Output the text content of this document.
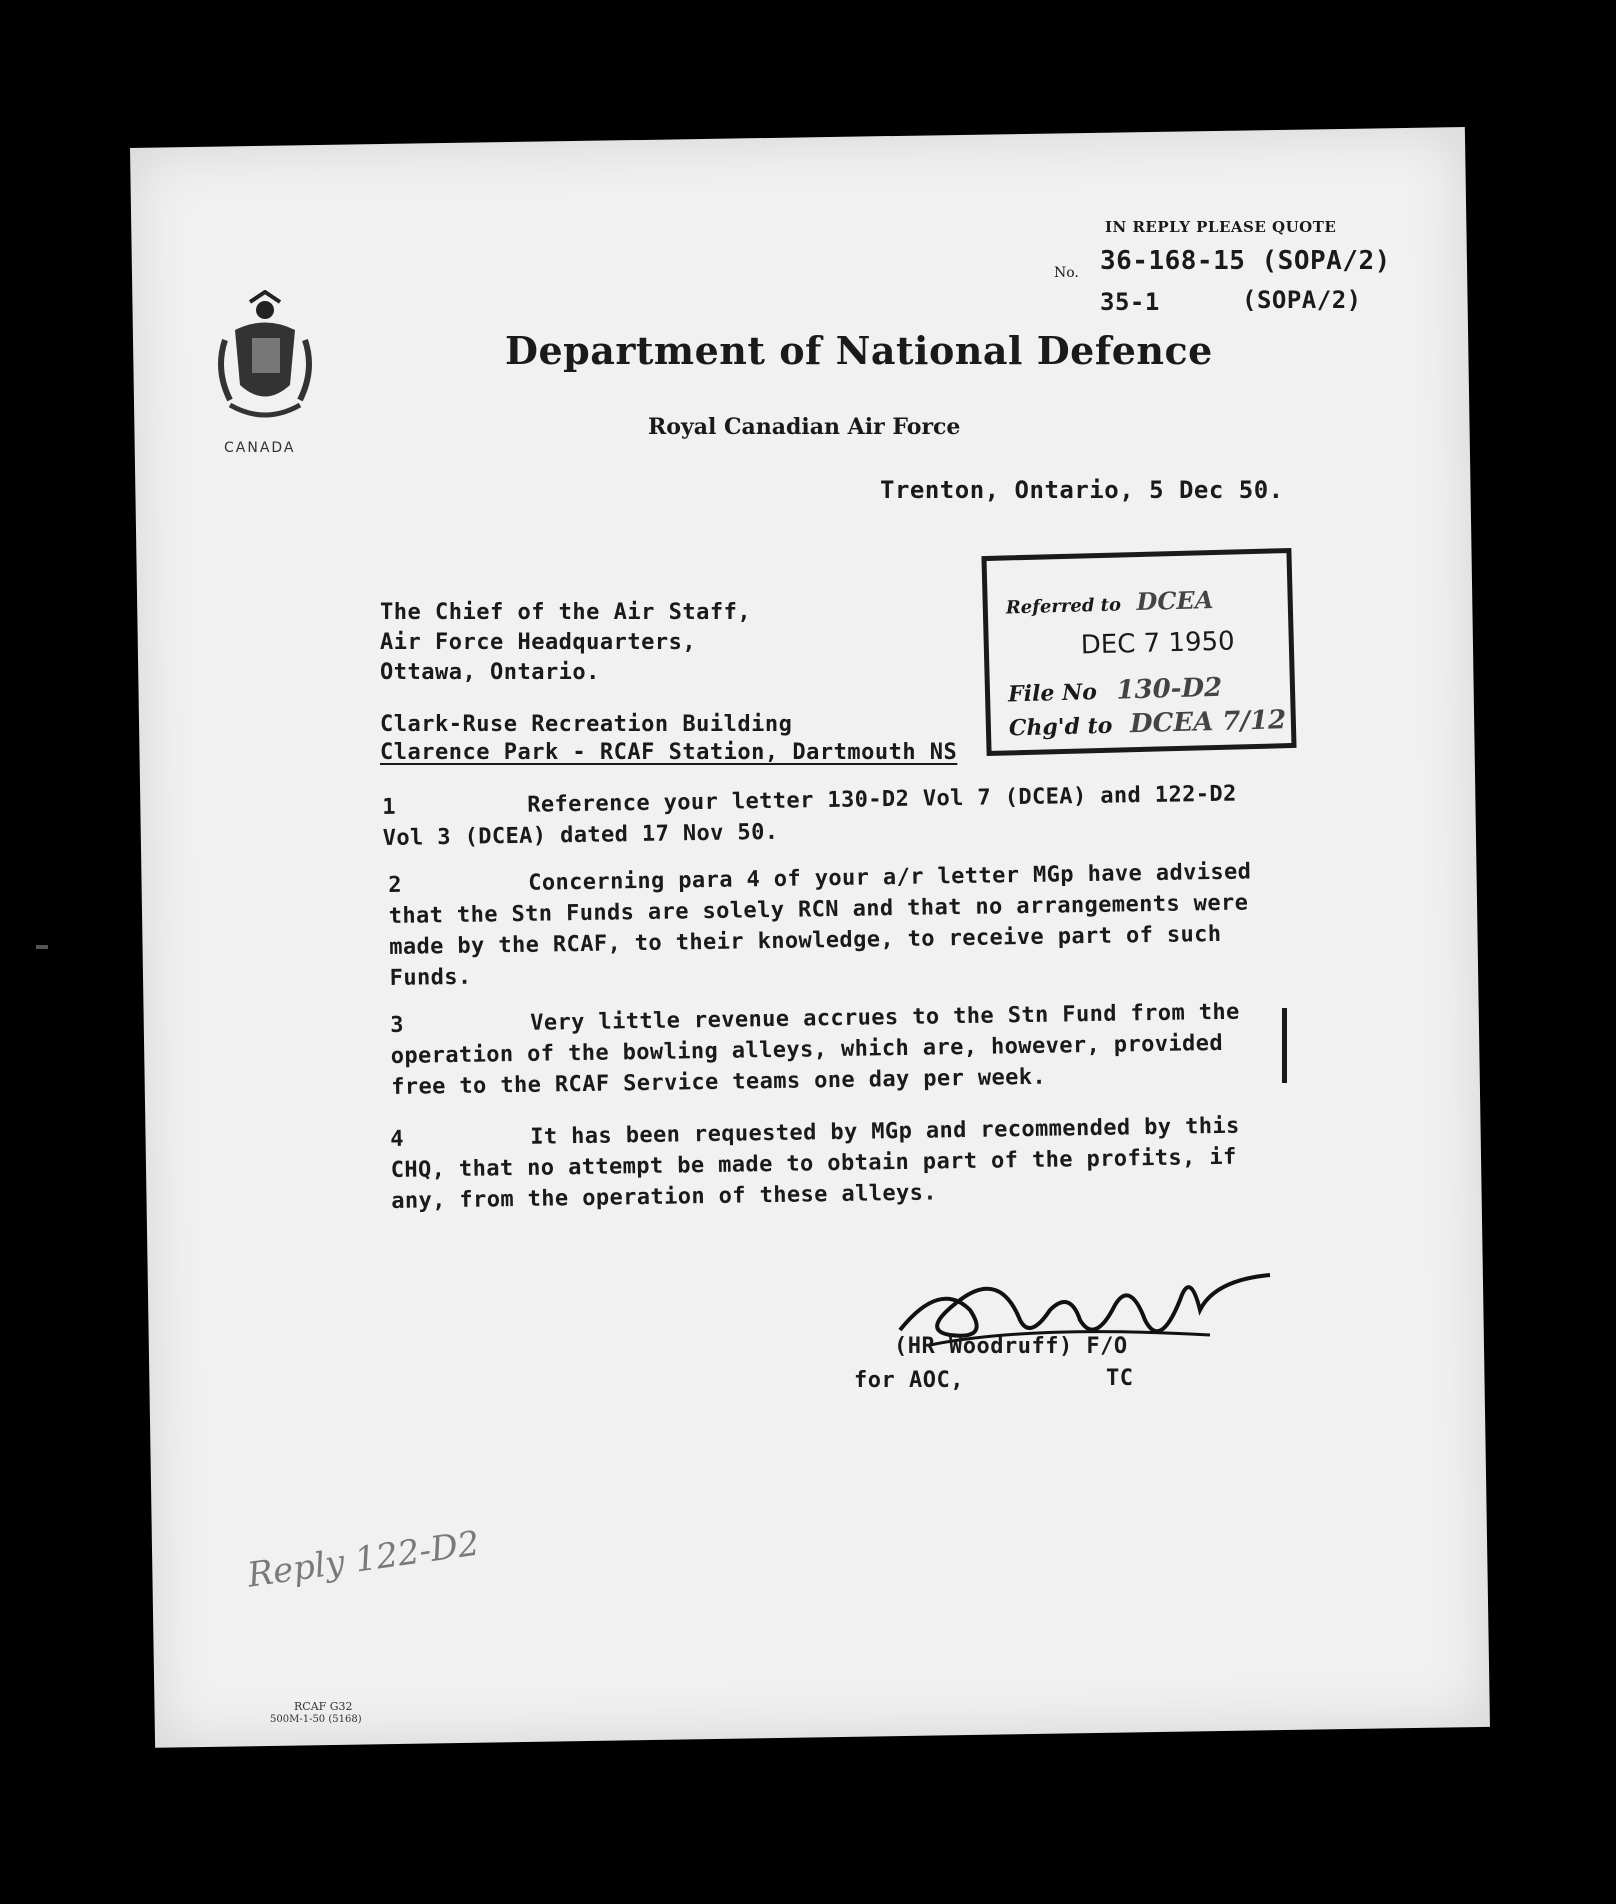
IN REPLY PLEASE QUOTE
No. 36-168-15 (SOPA/2)
35-1	(SOPA/2)
CANADA
Department of National Defence
Royal Canadian Air Force
Trenton, Ontario, 5 Dec 50.
Referred to DCEA
DEC 7 1950
File No 130-D2
Chg'd to DCEA 7/12
The Chief of the Air Staff,
Air Force Headquarters,
Ottawa, Ontario.
Clark-Ruse Recreation Building
Clarence Park - RCAF Station, Dartmouth NS
1	Reference your letter 130-D2 Vol 7 (DCEA) and 122-D2
Vol 3 (DCEA) dated 17 Nov 50.
2	Concerning para 4 of your a/r letter MGp have advised
that the Stn Funds are solely RCN and that no arrangements were
made by the RCAF, to their knowledge, to receive part of such
Funds.
3	Very little revenue accrues to the Stn Fund from the
operation of the bowling alleys, which are, however, provided
free to the RCAF Service teams one day per week.
4	It has been requested by MGp and recommended by this
CHQ, that no attempt be made to obtain part of the profits, if
any, from the operation of these alleys.
(HR Woodruff) F/O
for AOC,	TC
Reply 122-D2
RCAF G32
500M-1-50 (5168)
